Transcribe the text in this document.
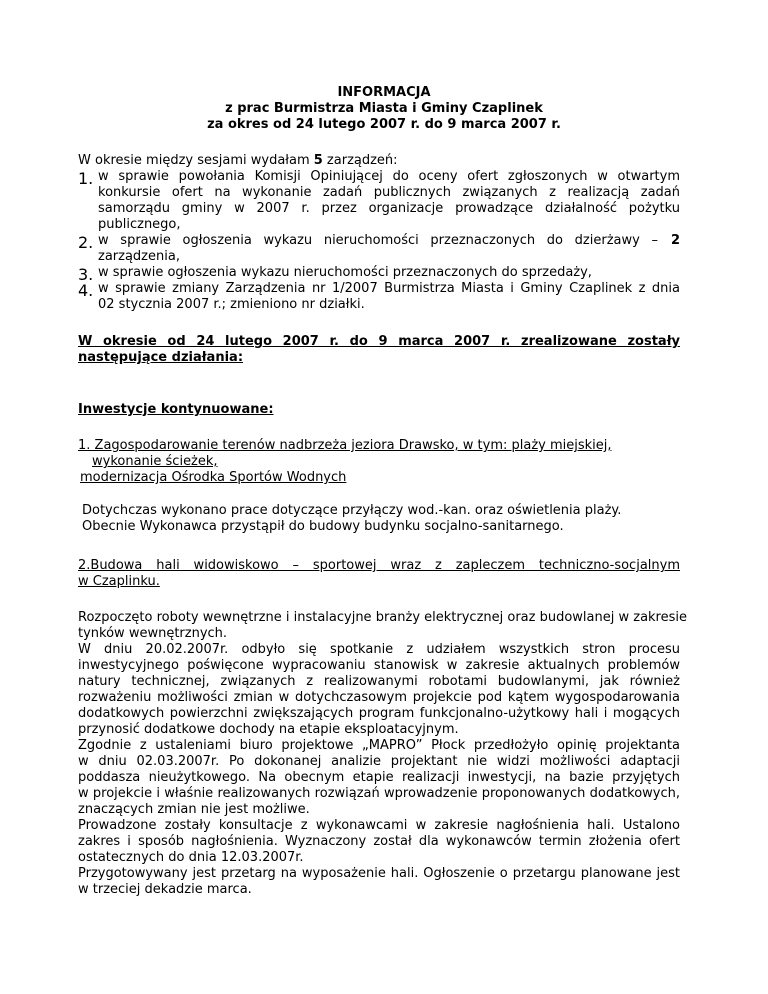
INFORMACJA
z prac Burmistrza Miasta i Gminy Czaplinek
za okres od 24 lutego 2007 r. do 9 marca 2007 r.
W okresie między sesjami wydałam 5 zarządzeń:
1. w sprawie powołania Komisji Opiniującej do oceny ofert zgłoszonych w otwartym
konkursie ofert na wykonanie zadań publicznych związanych z realizacją zadań
samorządu gminy w 2007 r. przez organizacje prowadzące działalność pożytku
publicznego,
2. w sprawie ogłoszenia wykazu nieruchomości przeznaczonych do dzierżawy – 2
zarządzenia,
3. w sprawie ogłoszenia wykazu nieruchomości przeznaczonych do sprzedaży,
4. w sprawie zmiany Zarządzenia nr 1/2007 Burmistrza Miasta i Gminy Czaplinek z dnia
02 stycznia 2007 r.; zmieniono nr działki.
W okresie od 24 lutego 2007 r. do 9 marca 2007 r. zrealizowane zostały
następujące działania:
Inwestycje kontynuowane:
1. Zagospodarowanie terenów nadbrzeża jeziora Drawsko, w tym: plaży miejskiej,
wykonanie ścieżek,
modernizacja Ośrodka Sportów Wodnych
Dotychczas wykonano prace dotyczące przyłączy wod.-kan. oraz oświetlenia plaży.
Obecnie Wykonawca przystąpił do budowy budynku socjalno-sanitarnego.
2.Budowa hali widowiskowo – sportowej wraz z zapleczem techniczno-socjalnym
w Czaplinku.
Rozpoczęto roboty wewnętrzne i instalacyjne branży elektrycznej oraz budowlanej w zakresie
tynków wewnętrznych.
W dniu 20.02.2007r. odbyło się spotkanie z udziałem wszystkich stron procesu
inwestycyjnego poświęcone wypracowaniu stanowisk w zakresie aktualnych problemów
natury technicznej, związanych z realizowanymi robotami budowlanymi, jak również
rozważeniu możliwości zmian w dotychczasowym projekcie pod kątem wygospodarowania
dodatkowych powierzchni zwiększających program funkcjonalno-użytkowy hali i mogących
przynosić dodatkowe dochody na etapie eksploatacyjnym.
Zgodnie z ustaleniami biuro projektowe „MAPRO” Płock przedłożyło opinię projektanta
w dniu 02.03.2007r. Po dokonanej analizie projektant nie widzi możliwości adaptacji
poddasza nieużytkowego. Na obecnym etapie realizacji inwestycji, na bazie przyjętych
w projekcie i właśnie realizowanych rozwiązań wprowadzenie proponowanych dodatkowych,
znaczących zmian nie jest możliwe.
Prowadzone zostały konsultacje z wykonawcami w zakresie nagłośnienia hali. Ustalono
zakres i sposób nagłośnienia. Wyznaczony został dla wykonawców termin złożenia ofert
ostatecznych do dnia 12.03.2007r.
Przygotowywany jest przetarg na wyposażenie hali. Ogłoszenie o przetargu planowane jest
w trzeciej dekadzie marca.
